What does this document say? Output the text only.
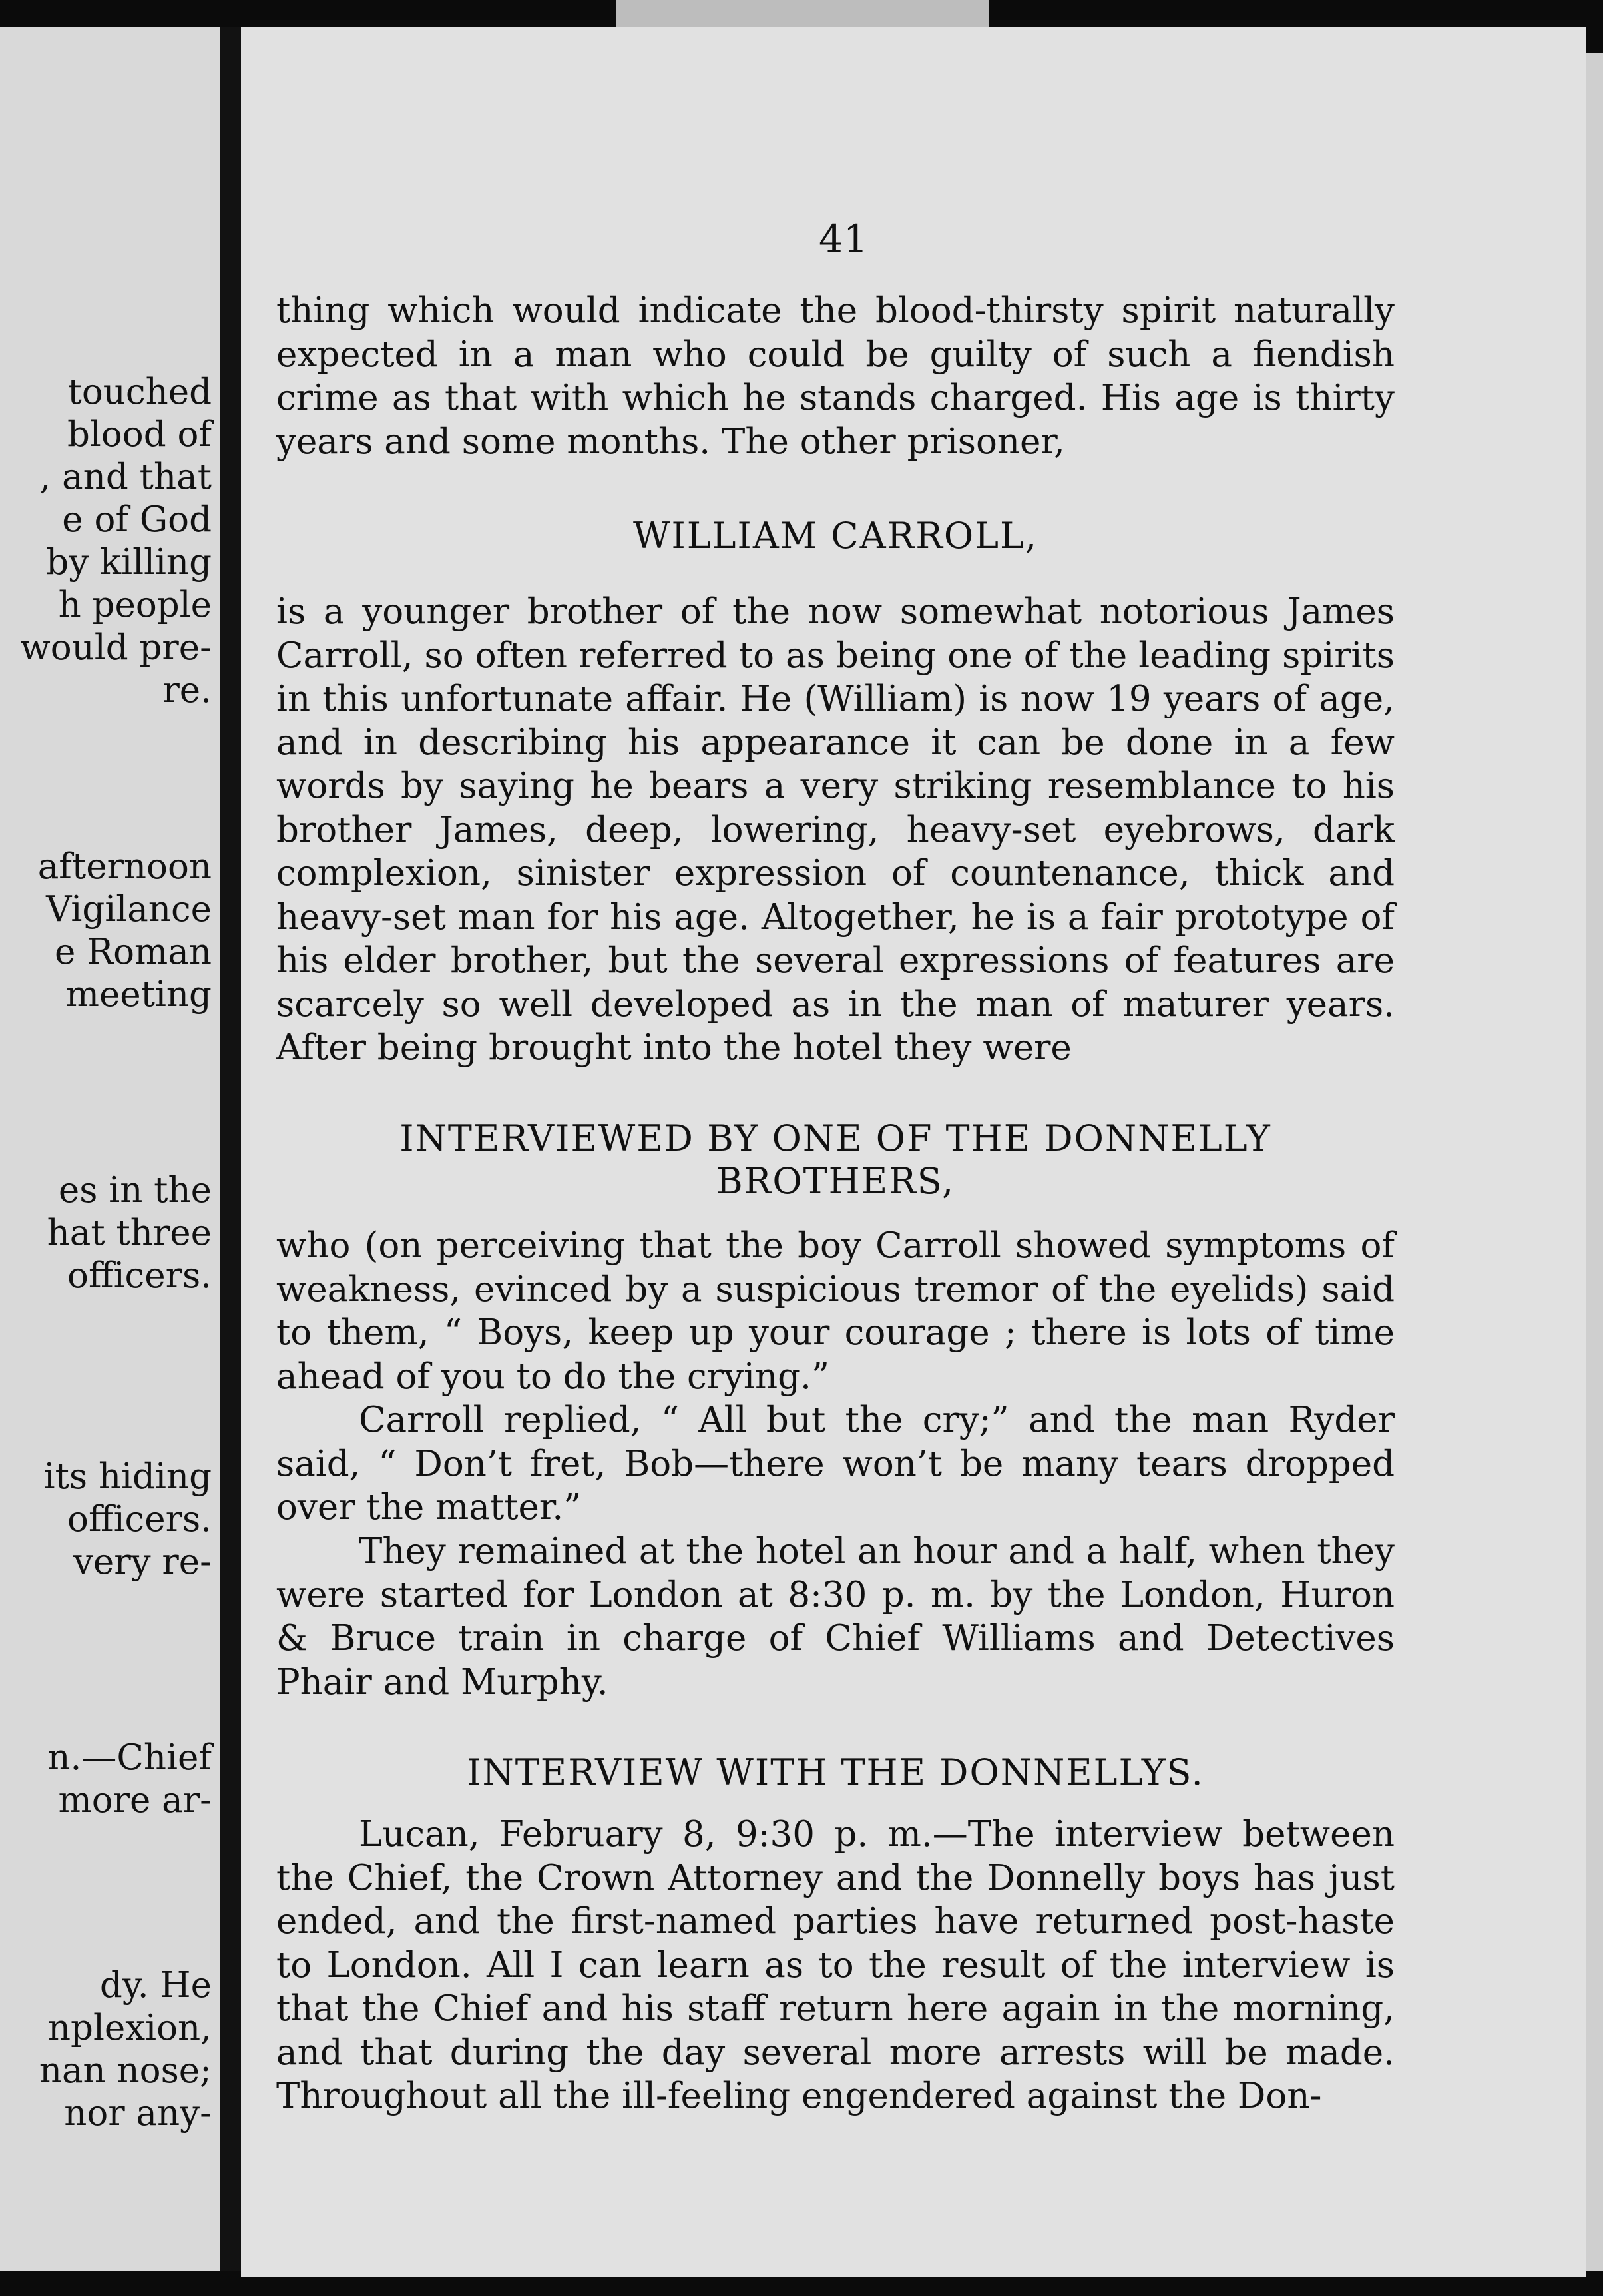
touched
blood of
, and that
e of God
by killing
h people
would pre-
re.
afternoon
Vigilance
e Roman
meeting
es in the
hat three
officers.
its hiding
officers.
very re-
n.—Chief
more ar-
dy. He
nplexion,
nan nose;
nor any-
41

thing which would indicate the blood-thirsty spirit naturally expected in a man who could be guilty of such a fiendish crime as that with which he stands charged. His age is thirty years and some months. The other prisoner,

WILLIAM CARROLL,

is a younger brother of the now somewhat notorious James Carroll, so often referred to as being one of the leading spirits in this unfortunate affair. He (William) is now 19 years of age, and in describing his appearance it can be done in a few words by saying he bears a very striking resemblance to his brother James, deep, lowering, heavy-set eyebrows, dark complexion, sinister expression of countenance, thick and heavy-set man for his age. Altogether, he is a fair prototype of his elder brother, but the several expressions of features are scarcely so well developed as in the man of maturer years. After being brought into the hotel they were

INTERVIEWED BY ONE OF THE DONNELLY
BROTHERS,

who (on perceiving that the boy Carroll showed symptoms of weakness, evinced by a suspicious tremor of the eyelids) said to them, “ Boys, keep up your courage ; there is lots of time ahead of you to do the crying.”

Carroll replied, “ All but the cry;” and the man Ryder said, “ Don’t fret, Bob—there won’t be many tears dropped over the matter.”

They remained at the hotel an hour and a half, when they were started for London at 8:30 p. m. by the London, Huron & Bruce train in charge of Chief Williams and Detectives Phair and Murphy.

INTERVIEW WITH THE DONNELLYS.

Lucan, February 8, 9:30 p. m.—The interview between the Chief, the Crown Attorney and the Donnelly boys has just ended, and the first-named parties have returned post-haste to London. All I can learn as to the result of the interview is that the Chief and his staff return here again in the morning, and that during the day several more arrests will be made. Throughout all the ill-feeling engendered against the Don-
